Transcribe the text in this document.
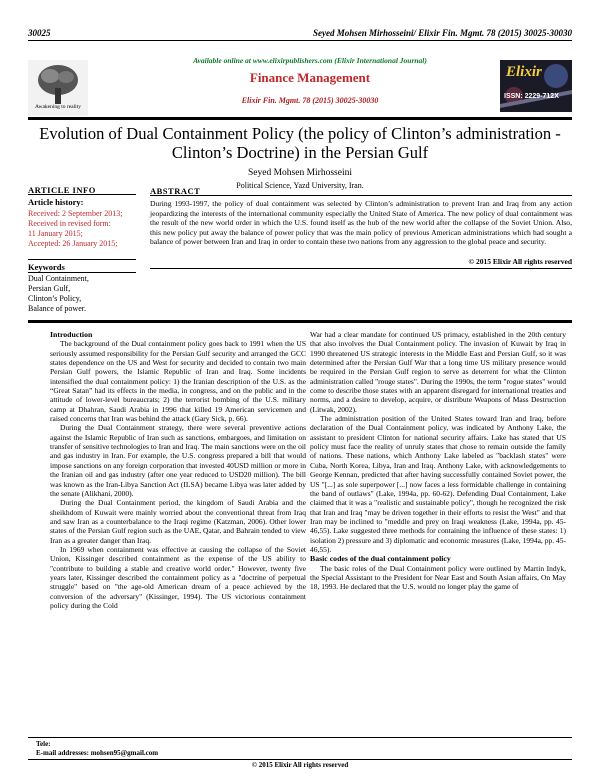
30025	Seyed Mohsen Mirhosseini/ Elixir Fin. Mgmt. 78 (2015) 30025-30030
Awakening to reality
Available online at www.elixirpublishers.com (Elixir International Journal)
Finance Management
Elixir Fin. Mgmt. 78 (2015) 30025-30030
Elixir
ISSN: 2229-712X
Evolution of Dual Containment Policy (the policy of Clinton’s administration - Clinton’s Doctrine) in the Persian Gulf
Seyed Mohsen Mirhosseini
Political Science, Yazd University, Iran.
ARTICLE INFO
Article history:
Received: 2 September 2013;
Received in revised form:
11 January 2015;
Accepted: 26 January 2015;
Keywords
Dual Containment,
Persian Gulf,
Clinton’s Policy,
Balance of power.
ABSTRACT
During 1993-1997, the policy of dual containment was selected by Clinton’s administration to prevent Iran and Iraq from any action jeopardizing the interests of the international community especially the United State of America. The new policy of dual containment was the result of the new world order in which the U.S. found itself as the hub of the new world after the collapse of the Soviet Union. Also, this new policy put away the balance of power policy that was the main policy of previous American administrations which had sought a balance of power between Iran and Iraq in order to contain these two nations from any aggression to the global peace and security.
© 2015 Elixir All rights reserved
Introduction

The background of the Dual containment policy goes back to 1991 when the US seriously assumed responsibility for the Persian Gulf security and arranged the GCC states dependence on the US and West for security and decided to contain two main Persian Gulf powers, the Islamic Republic of Iran and Iraq. Some incidents intensified the dual containment policy: 1) the Iranian description of the U.S. as the “Great Satan” had its effects in the media, in congress, and on the public and in the attitude of lower-level bureaucrats; 2) the terrorist bombing of the U.S. military camp at Dhahran, Saudi Arabia in 1996 that killed 19 American servicemen and raised concerns that Iran was behind the attack (Gary Sick, p. 66).

During the Dual Containment strategy, there were several preventive actions against the Islamic Republic of Iran such as sanctions, embargoes, and limitation on transfer of sensitive technologies to Iran and Iraq. The main sanctions were on the oil and gas industry in Iran. For example, the U.S. congress prepared a bill that would impose sanctions on any foreign corporation that invested 40USD million or more in the Iranian oil and gas industry (after one year reduced to USD20 million). The bill was known as the Iran-Libya Sanction Act (ILSA) became Libya was later added by the senate (Alikhani, 2000).

During the Dual Containment period, the kingdom of Saudi Arabia and the sheikhdom of Kuwait were mainly worried about the conventional threat from Iraq and saw Iran as a counterbalance to the Iraqi regime (Katzman, 2006). Other lower states of the Persian Gulf region such as the UAE, Qatar, and Bahrain tended to view Iran as a greater danger than Iraq.

In 1969 when containment was effective at causing the collapse of the Soviet Union, Kissinger described containment as the expense of the US ability to "contribute to building a stable and creative world order." However, twenty five years later, Kissinger described the containment policy as a "doctrine of perpetual struggle" based on "the age-old American dream of a peace achieved by the conversion of the adversary" (Kissinger, 1994). The US victorious containment policy during the Cold

War had a clear mandate for continued US primacy, established in the 20th century that also involves the Dual Containment policy. The invasion of Kuwait by Iraq in 1990 threatened US strategic interests in the Middle East and Persian Gulf, so it was determined after the Persian Gulf War that a long time US military presence would be required in the Persian Gulf region to serve as deterrent for what the Clinton administration called "rouge states". During the 1990s, the term "rogue states" would come to describe those states with an apparent disregard for international treaties and norms, and a desire to develop, acquire, or distribute Weapons of Mass Destruction (Litwak, 2002).

The administration position of the United States toward Iran and Iraq, before declaration of the Dual Containment policy, was indicated by Anthony Lake, the assistant to president Clinton for national security affairs. Lake has stated that US policy must face the reality of unruly states that chose to remain outside the family of nations. These nations, which Anthony Lake labeled as "backlash states" were Cuba, North Korea, Libya, Iran and Iraq. Anthony Lake, with acknowledgements to George Kennan, predicted that after having successfully contained Soviet power, the US "[...] as sole superpower [...] now faces a less formidable challenge in containing the band of outlaws" (Lake, 1994a, pp. 60-62). Defending Dual Containment, Lake claimed that it was a "realistic and sustainable policy", though he recognized the risk that Iran and Iraq "may be driven together in their efforts to resist the West" and that Iran may be inclined to "meddle and prey on Iraqi weakness (Lake, 1994a, pp. 45-46,55). Lake suggested three methods for containing the influence of these states: 1) isolation 2) pressure and 3) diplomatic and economic measures (Lake, 1994a, pp. 45-46,55).

Basic codes of the dual containment policy

The basic roles of the Dual Containment policy were outlined by Martin Indyk, the Special Assistant to the President for Near East and South Asian affairs, On May 18, 1993. He declared that the U.S. would no longer play the game of

Tele:
E-mail addresses: mohsen95@gmail.com
© 2015 Elixir All rights reserved
